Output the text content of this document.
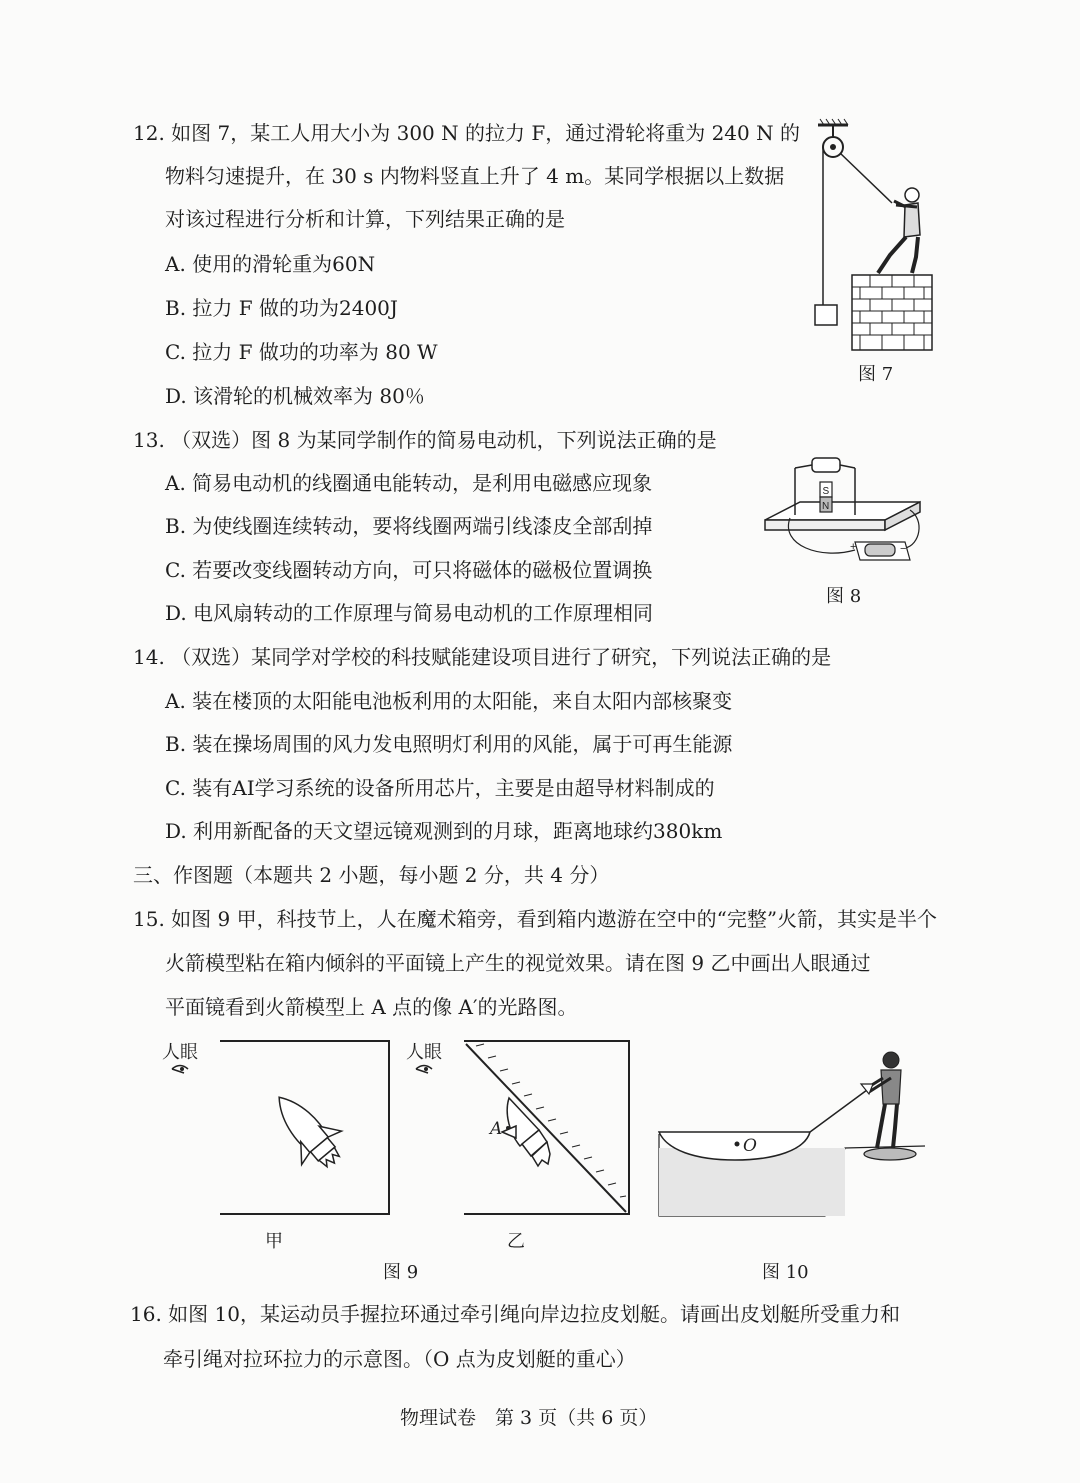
12. 如图 7，某工人用大小为 300 N 的拉力 F，通过滑轮将重为 240 N 的
物料匀速提升，在 30 s 内物料竖直上升了 4 m。某同学根据以上数据
对该过程进行分析和计算，下列结果正确的是
A. 使用的滑轮重为60N
B. 拉力 F 做的功为2400J
C. 拉力 F 做功的功率为 80 W
D. 该滑轮的机械效率为 80％
图 7
13. （双选）图 8 为某同学制作的简易电动机，下列说法正确的是
A. 简易电动机的线圈通电能转动，是利用电磁感应现象
B. 为使线圈连续转动，要将线圈两端引线漆皮全部刮掉
C. 若要改变线圈转动方向，可只将磁体的磁极位置调换
D. 电风扇转动的工作原理与简易电动机的工作原理相同
S
N
+	−
图 8
14. （双选）某同学对学校的科技赋能建设项目进行了研究，下列说法正确的是
A. 装在楼顶的太阳能电池板利用的太阳能，来自太阳内部核聚变
B. 装在操场周围的风力发电照明灯利用的风能，属于可再生能源
C. 装有AI学习系统的设备所用芯片，主要是由超导材料制成的
D. 利用新配备的天文望远镜观测到的月球，距离地球约380km
三、作图题（本题共 2 小题，每小题 2 分，共 4 分）
15. 如图 9 甲，科技节上，人在魔术箱旁，看到箱内遨游在空中的“完整”火箭，其实是半个
火箭模型粘在箱内倾斜的平面镜上产生的视觉效果。请在图 9 乙中画出人眼通过
平面镜看到火箭模型上 A 点的像 A′的光路图。
人眼
甲
人眼
A
乙
图 9
O
图 10
16. 如图 10，某运动员手握拉环通过牵引绳向岸边拉皮划艇。请画出皮划艇所受重力和
牵引绳对拉环拉力的示意图。（O 点为皮划艇的重心）
物理试卷　第 3 页（共 6 页）
